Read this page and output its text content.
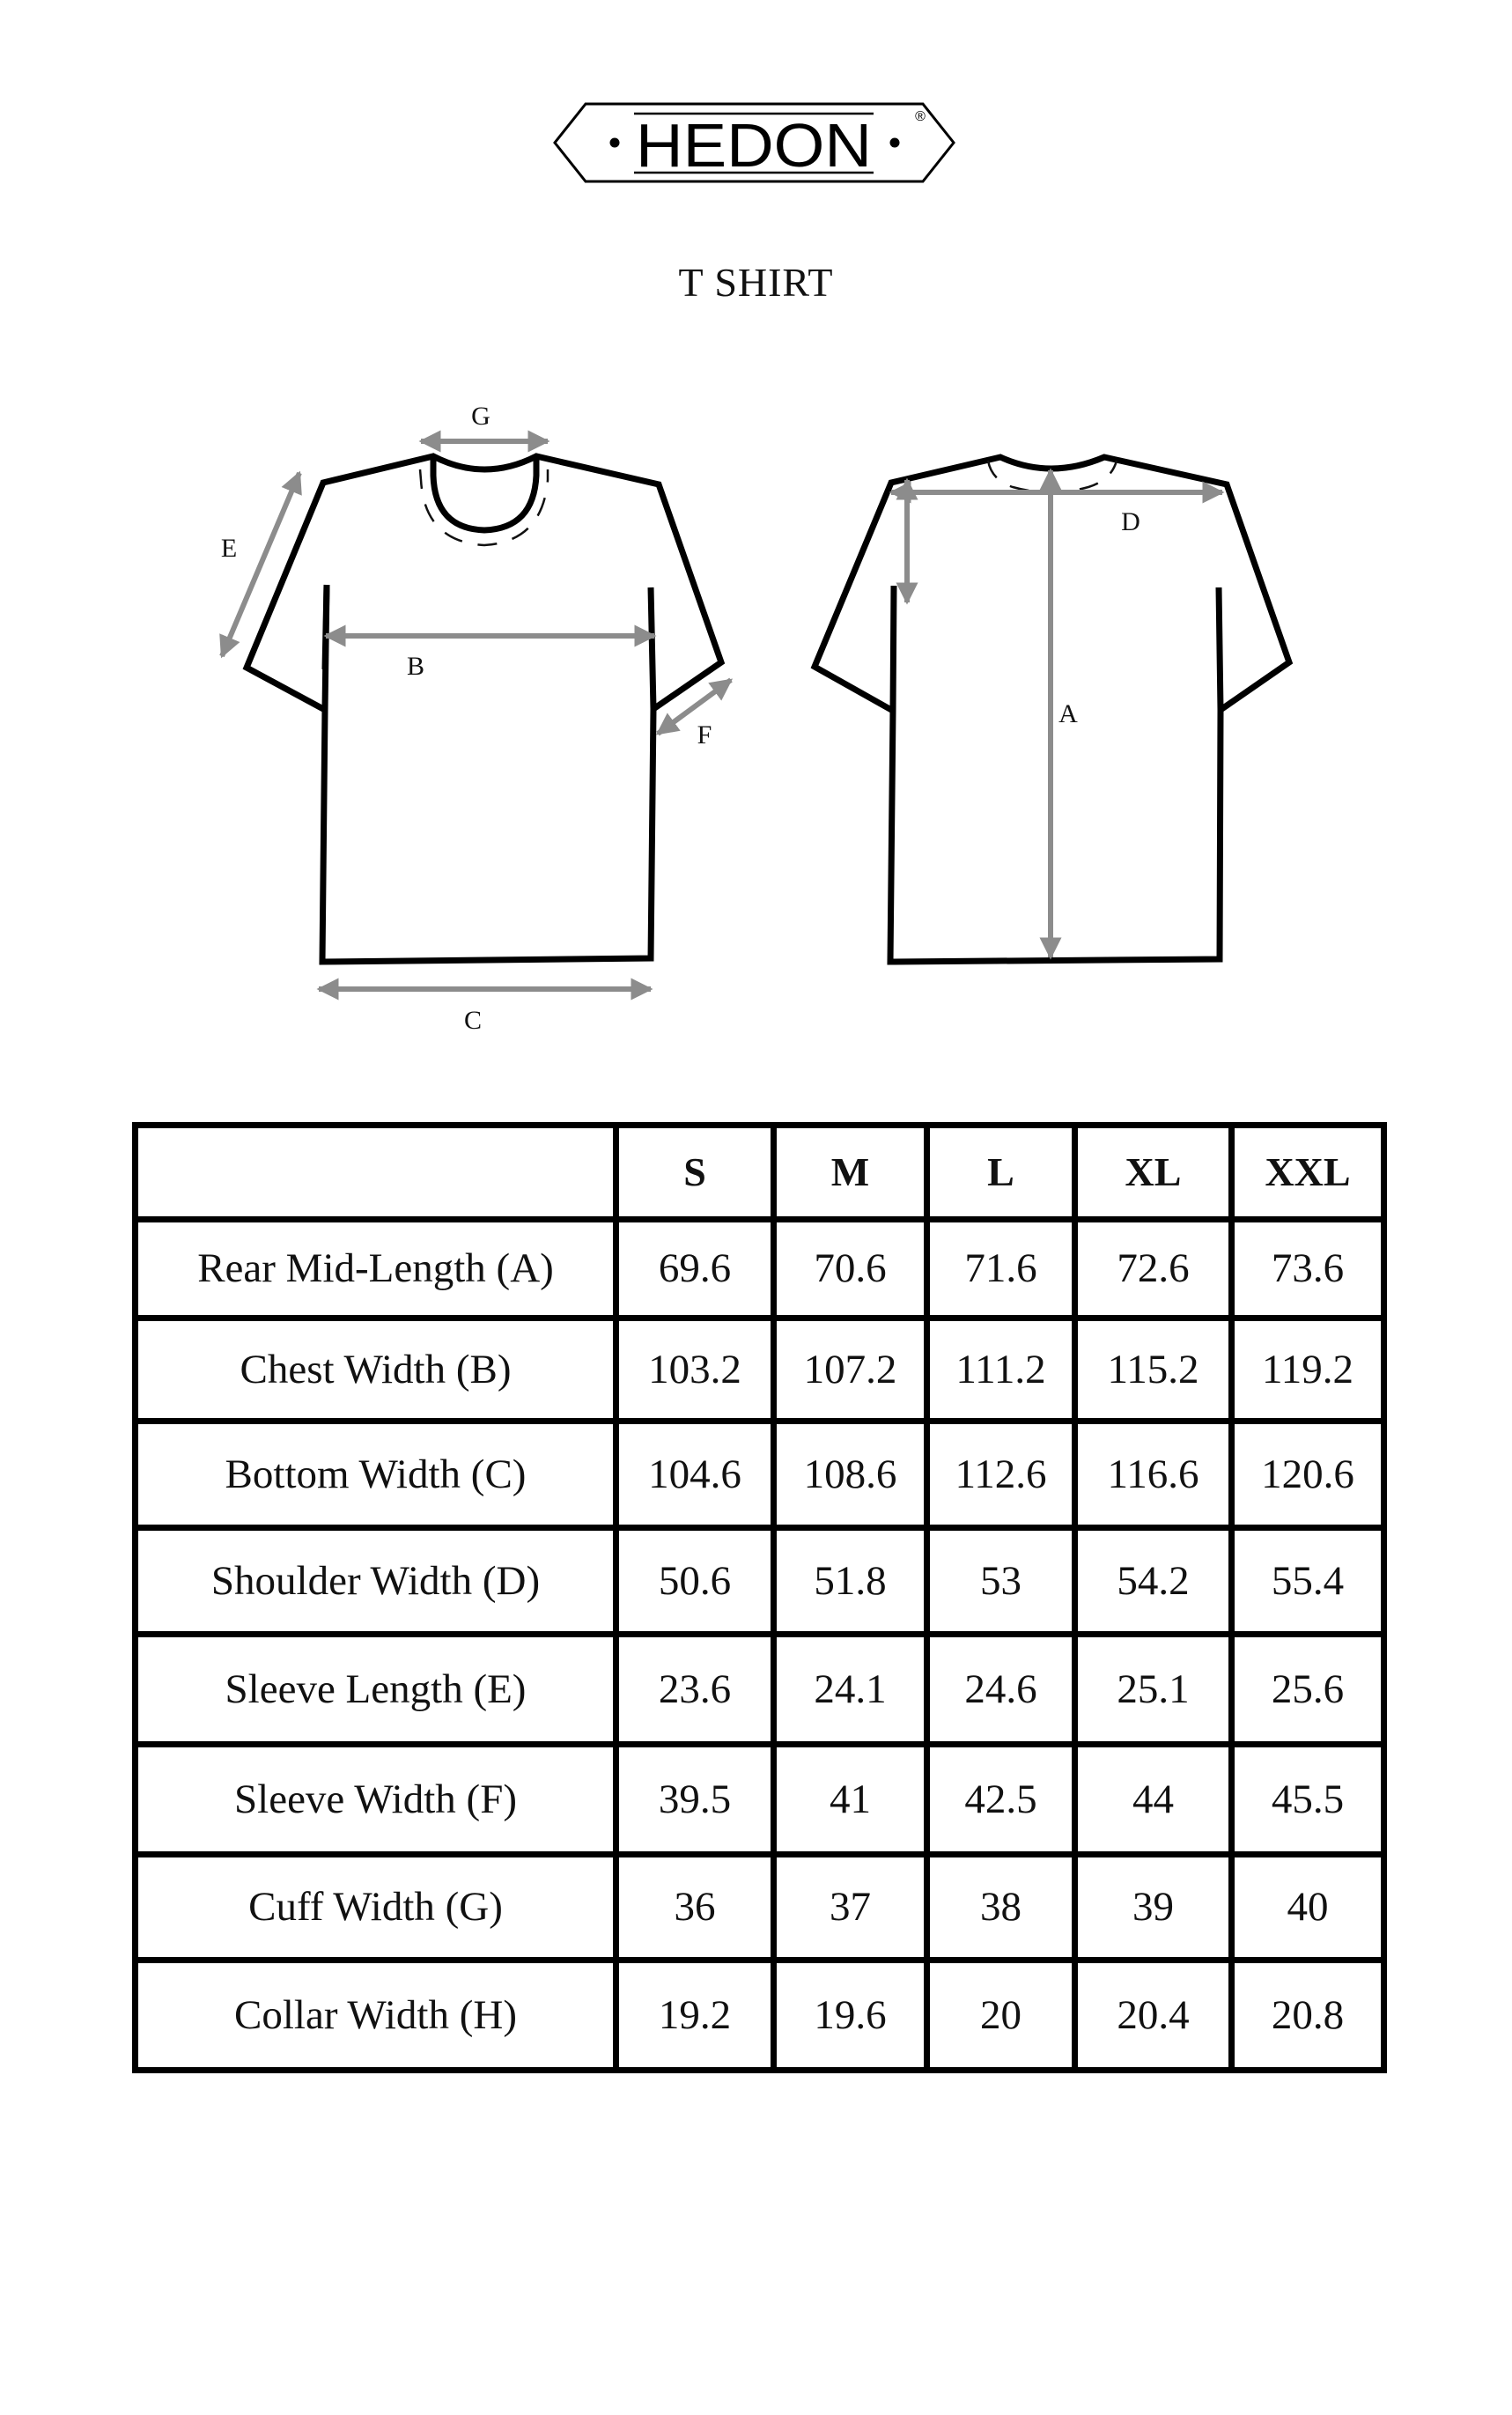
HEDON	®
T SHIRT
G
E
B
F
C
D
A
	S	M	L	XL	XXL
Rear Mid-Length (A)	69.6	70.6	71.6	72.6	73.6
Chest Width (B)	103.2	107.2	111.2	115.2	119.2
Bottom Width (C)	104.6	108.6	112.6	116.6	120.6
Shoulder Width (D)	50.6	51.8	53	54.2	55.4
Sleeve Length (E)	23.6	24.1	24.6	25.1	25.6
Sleeve Width (F)	39.5	41	42.5	44	45.5
Cuff Width (G)	36	37	38	39	40
Collar Width (H)	19.2	19.6	20	20.4	20.8
